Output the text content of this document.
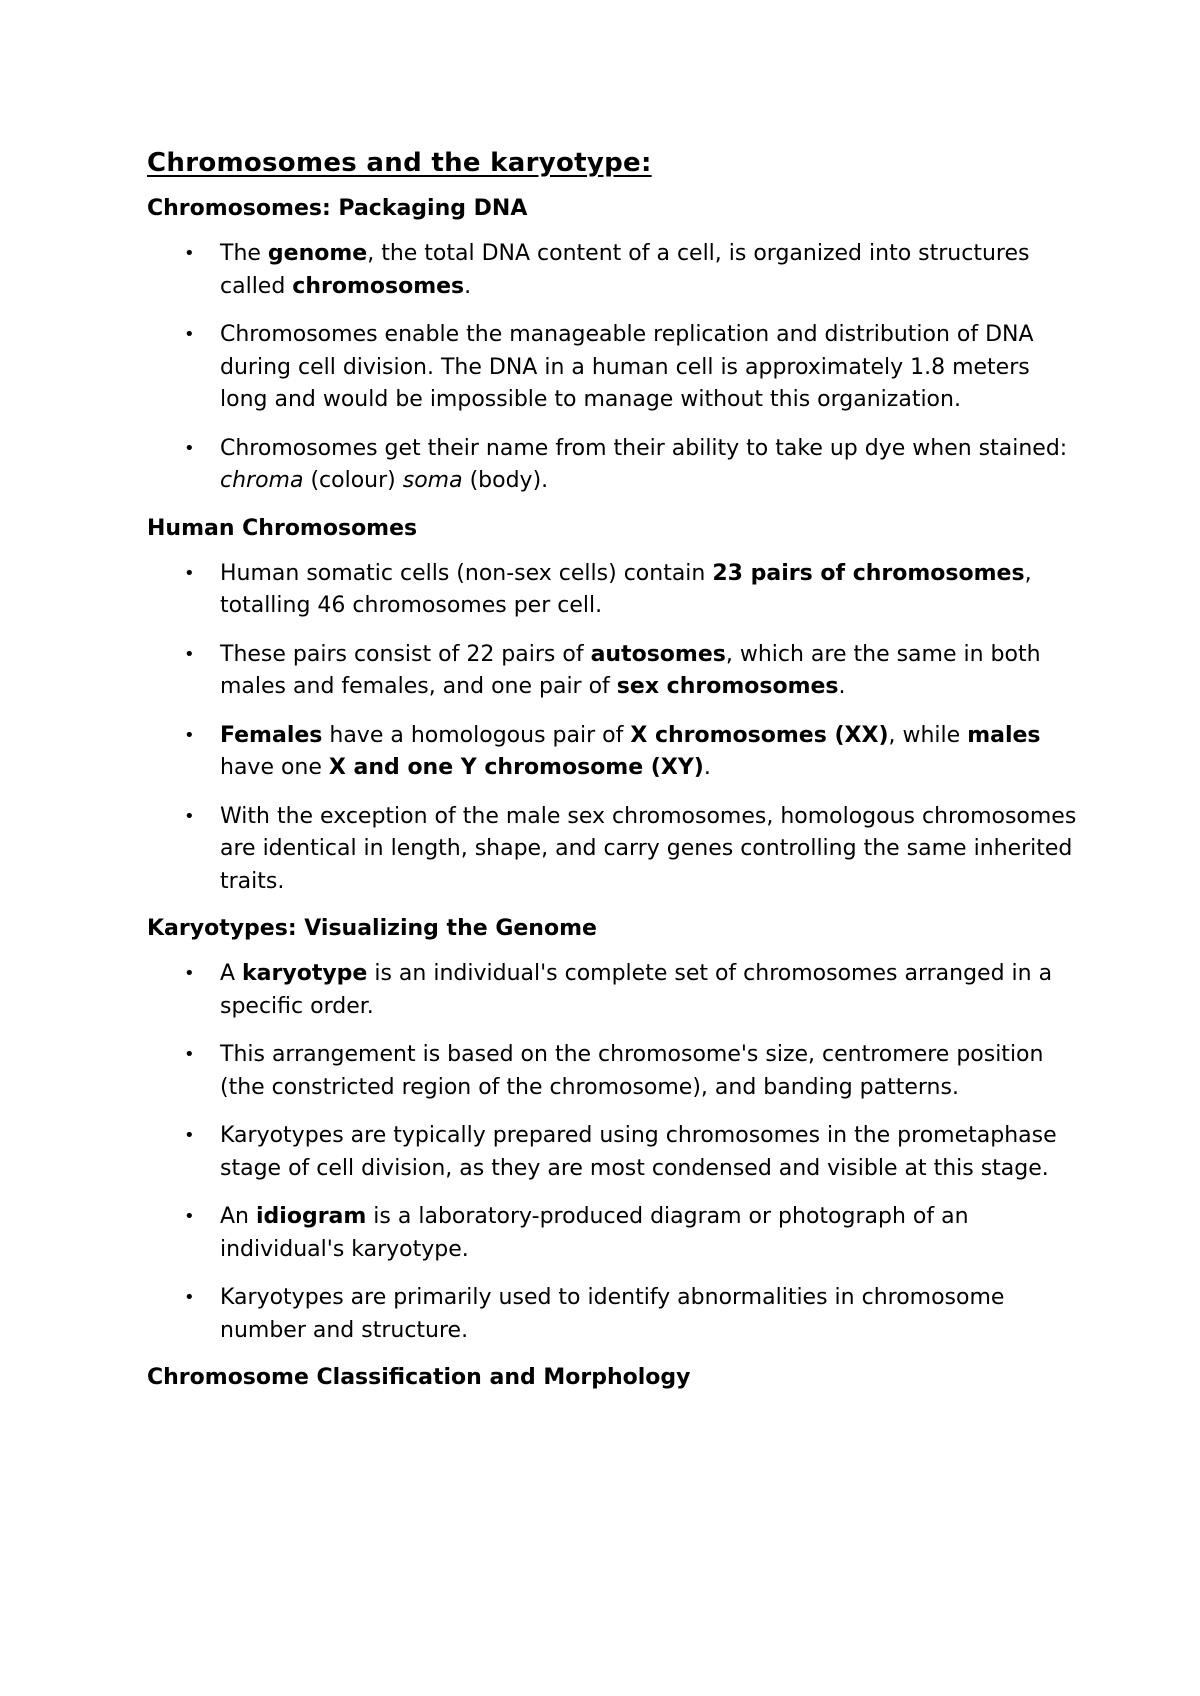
Chromosomes and the karyotype:
Chromosomes: Packaging DNA
• The genome, the total DNA content of a cell, is organized into structures called chromosomes.
• Chromosomes enable the manageable replication and distribution of DNA during cell division. The DNA in a human cell is approximately 1.8 meters long and would be impossible to manage without this organization.
• Chromosomes get their name from their ability to take up dye when stained: chroma (colour) soma (body).
Human Chromosomes
• Human somatic cells (non-sex cells) contain 23 pairs of chromosomes, totalling 46 chromosomes per cell.
• These pairs consist of 22 pairs of autosomes, which are the same in both males and females, and one pair of sex chromosomes.
• Females have a homologous pair of X chromosomes (XX), while males have one X and one Y chromosome (XY).
• With the exception of the male sex chromosomes, homologous chromosomes are identical in length, shape, and carry genes controlling the same inherited traits.
Karyotypes: Visualizing the Genome
• A karyotype is an individual's complete set of chromosomes arranged in a specific order.
• This arrangement is based on the chromosome's size, centromere position (the constricted region of the chromosome), and banding patterns.
• Karyotypes are typically prepared using chromosomes in the prometaphase stage of cell division, as they are most condensed and visible at this stage.
• An idiogram is a laboratory-produced diagram or photograph of an individual's karyotype.
• Karyotypes are primarily used to identify abnormalities in chromosome number and structure.
Chromosome Classification and Morphology
